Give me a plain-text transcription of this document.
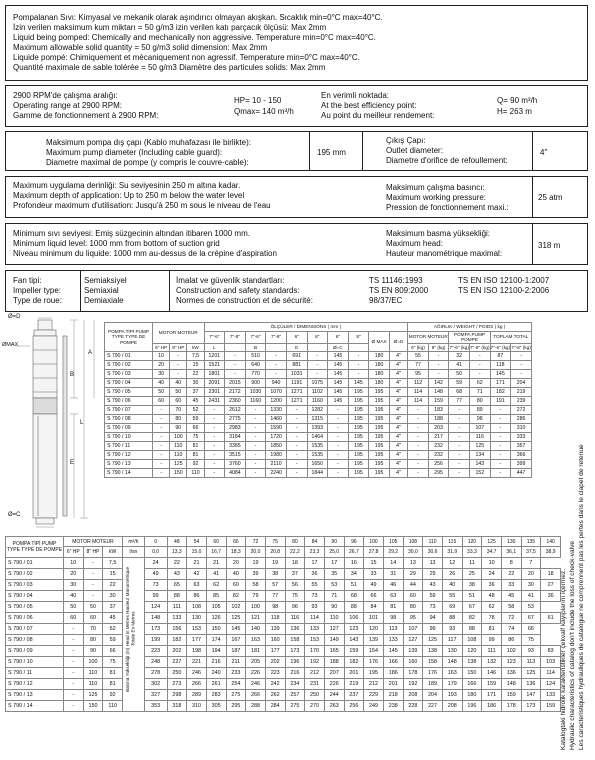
Pompalanan Sıvı: Kimyasal ve mekanik olarak aşındırıcı olmayan akışkan. Sıcaklık min=0°C max=40°C.
İzin verilen maksimum kum miktarı = 50 g/m3 izin verilen katı parçacık ölçüsü: Max 2mm
Liquid being pomped: Chemically and mechanically non aggressive. Temperature min=0°C max=40°C.
Maximum allowable solid quantity = 50 g/m3 solid dimension: Max 2mm
Liquide pompé: Chimiquement et mécaniquement non agressif. Temperature min=0°C max=40°C.
Quantité maximale de sable tolérée = 50 g/m3 Diamètre des particules solids: Max 2mm
2900 RPM'de çalışma aralığı:
Operating range at 2900 RPM:
Gamme de fonctionnement à 2900 RPM:
HP= 10 - 150
Qmax= 140 m³/h
En verimli noktada:
At the best efficiency point:
Au point du meilleur rendement:
Q= 90 m³/h
H= 263 m
Maksimum pompa dış çapı (Kablo muhafazası ile birlikte):
Maximum pump diameter (Including cable guard):
Diametre maximal de pompe (y compris le couvre-cable):
195 mm
Çıkış Çapı:
Outlet diameter:
Diametre d'orifice de refoullement:
4"
Maximum uygulama derinliği: Su seviyesinin 250 m altına kadar.
Maximum depth of application: Up to 250 m below the water level
Profondeur maximum d'utilisation: Jusqu'à 250 m sous le niveau de l'eau
Maksimum çalışma basıncı:
Maximum working pressure:
Pression de fonctionnement maxi.:
25 atm
Minimum sıvı seviyesi: Emiş süzgecinin altından itibaren 1000 mm.
Minimum liquid level: 1000 mm from bottom of suction grid
Niveau minimum du liquide: 1000 mm au-dessus de la crépine d'aspiration
Maksimum basma yüksekliği:
Maximum head:
Hauteur manométrique maximal:
318 m
Fan tipi:
Impeller type:
Type de roue:
Semiaksiyel
Semiaxial
Demiaxiale
İmalat ve güvenlik standartları:
Construction and safety standards:
Normes de construction et de sécurité:
TS 11146:1993
TS EN 809:2000
98/37/EC
TS EN ISO 12100-1:2007
TS EN ISO 12100-2:2006
Ø=D
ØMAX
Ø=C
A
B
L
E
POMPA TİPİ PUMP TYPE TYPE DE POMPE	MOTOR MOTEUR			ÖLÇÜLER / DIMENSIONS ( mm )										AĞIRLIK / WEIGHT / POIDS ( kg )					
				7"-6"	7"-8"	7"-6"	7"-8"	6"	8"	6"	8"	Ø MAX	Ø=D	MOTOR MOTEUR		POMPA PUMP POMPE		TOPLAM TOTAL	
	6" HP	8" HP	kW	L		B		E		Ø=C				6" (kg)	8" (kg)	7"-6" (kg)	7"-8" (kg)	7"-6" (kg)	7"-8" (kg)
S 790 / 01	10	-	7,5	1201	-	510	-	691	-	145	-	180	4"	55	-	32	-	87	-
S 790 / 02	20	-	15	1521	-	640	-	881	-	145	-	180	4"	77	-	41	-	118	-
S 790 / 03	30	-	22	1801	-	770	-	1031	-	145	-	180	4"	95	-	50	-	145	-
S 790 / 04	40	40	30	2091	2015	900	940	1191	1075	145	145	180	4"	112	142	59	62	171	204
S 790 / 05	50	50	37	2301	2172	1030	1070	1271	1102	145	195	195	4"	114	148	68	71	182	219
S 790 / 06	60	60	45	2431	2360	1160	1200	1271	1160	145	195	195	4"	114	159	77	80	191	239
S 790 / 07	-	70	52	-	2612	-	1330	-	1282	-	195	195	4"	-	183	-	89	-	272
S 790 / 08	-	80	59	-	2775	-	1460	-	1315	-	195	195	4"	-	188	-	98	-	286
S 790 / 09	-	90	66	-	2983	-	1590	-	1393	-	195	195	4"	-	203	-	107	-	310
S 790 / 10	-	100	75	-	3184	-	1720	-	1464	-	195	195	4"	-	217	-	116	-	333
S 790 / 11	-	110	81	-	3385	-	1850	-	1535	-	195	195	4"	-	232	-	125	-	357
S 790 / 12	-	110	81	-	3515	-	1980	-	1535	-	195	195	4"	-	232	-	134	-	366
S 790 / 13	-	125	92	-	3760	-	2110	-	1650	-	195	195	4"	-	256	-	143	-	399
S 790 / 14	-	150	110	-	4084	-	2240	-	1844	-	195	195	4"	-	295	-	152	-	447
POMPA TİPİ PUMP TYPE TYPE DE POMPE	MOTOR MOTEUR			m³/h	0	48	54	60	66	72	75	80	84	90	96	100	105	108	110	115	120	125	130	135	140
	6" HP	8" HP	kW	l/sn	0,0	13,3	15,0	16,7	18,3	20,0	20,8	22,2	23,3	25,0	26,7	27,8	29,2	30,0	30,6	31,9	33,3	34,7	36,1	37,5	38,9
S 790 / 01	10	-	7,5	Basma Yüksekliği (m) Head in Metres Hauteur Manométrique Totale En Metres	24	22	21	21	20	19	19	18	17	17	16	15	14	13	13	12	11	10	8	7	
S 790 / 02	20	-	15		49	43	42	41	40	39	38	37	36	35	34	33	31	29	29	26	25	24	22	20	18
S 790 / 03	30	-	22		73	65	63	62	60	58	57	56	55	53	51	49	46	44	43	40	38	36	33	30	27
S 790 / 04	40	-	30		99	88	86	85	82	79	77	75	73	71	68	66	63	60	59	55	51	48	45	41	36
S 790 / 05	50	50	37		124	111	108	105	102	100	98	96	93	90	88	84	81	80	73	69	67	62	58	53	
S 790 / 06	60	60	45		148	133	130	126	125	121	118	116	114	110	106	101	98	95	94	88	82	78	72	67	61
S 790 / 07	-	70	52		173	156	153	150	145	140	139	136	133	127	123	120	113	107	99	93	88	81	74	66	
S 790 / 08	-	80	59		199	182	177	174	167	163	160	158	153	149	143	139	133	127	125	117	108	99	86	75	
S 790 / 09	-	90	66		223	202	198	194	187	181	177	173	170	165	159	154	145	139	138	130	120	111	102	93	83
S 790 / 10	-	100	75		248	227	221	216	211	205	202	196	192	188	182	176	166	160	158	148	138	132	123	113	103
S 790 / 11	-	110	81		278	250	246	240	233	226	223	216	212	207	201	195	186	178	176	163	150	146	136	125	114
S 790 / 12	-	110	81		302	273	266	261	254	246	242	234	231	226	219	212	201	192	189	179	166	159	148	136	124
S 790 / 13	-	125	92		327	298	289	283	275	266	262	257	250	244	237	229	218	208	204	193	180	171	159	147	133
S 790 / 14	-	150	110		353	318	310	305	295	288	284	275	270	263	256	249	238	228	227	208	196	186	178	173	159 Katalogtaki hidrolik karakteristikler çekvalf kayıplarını içermez. Hydraulic characteristics of catalog don't include the loss of check-valve Les caracteristiques hydrauliques de catalogue ne comprennent pas les pertes dans le clapet de retenue
